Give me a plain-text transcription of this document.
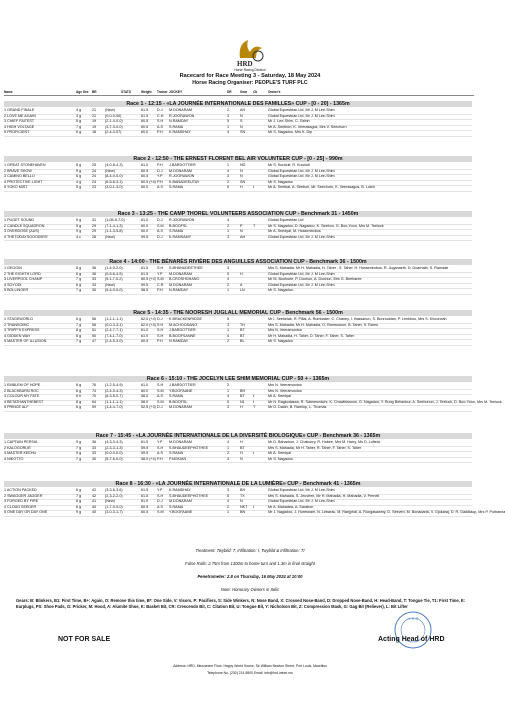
HRD
Horse Racing Division
Racecard for Race Meeting 3 - Saturday, 18 May 2024
Horse Racing Organiser: PEOPLE'S TURF PLC
Name	Age Sex BR	STATS	Weight Trainer JOCKEY	DR	Gear Cb	Owner's
Race 1 - 12:15 - «LA JOURNÉE INTERNATIONALE DES FAMILLES» CUP - [0 - 20] - 1365m
1 GRAND FINALE	4 g	21	(New)	61.5	D.J	M.DONARAM	2	AH	Global Equestrian Ltd, Mr J. M Lee-Shim
2 LOVE ME AGAIN	4 g	21	(0-0-0-00)	61.5	C.H	R.JOORAWON	3	N	Global Equestrian Ltd, Mr J. M Lee-Shim
3 CHIEF FAITEST	5 g	19	(2-1-4-0-0)	60.5	S.H	N.RAMDAY	5	S	Mr J. Lee-Shim, C. Gebin
4 HIGH VOLTAGE	7 g	19	(3-7-3-0-0)	60.5	A.S	S.RAMA	1	N	Mr A. Seetbon, K. Veerasagos, Mrs V. Seechurn
5 PROFICIENT	6 g	18	(2-4-0-07)	60.0	P.H	K.RAMDHAY	4	SN	Mr S. Nagadoo, Mrs K. Dip
Race 2 - 12:50 - THE ERNEST FLORENT BEL AIR VOLUNTEER CUP - [0 - 25] - 990m
1 GREAT STONEHAVEN	8 g	25	(4-0-8-4-3)	61.0	P.H	J.BARDOTTIER	1	NG	Mr S. Kunduit, R. Kunduit
2 BRAVE SHOW	5 g	24	(New)	60.5	D.J	M.DONARAM	4	N	Global Equestrian Ltd, Mr J. M Lee-Shim
3 CAMINO BELLO	6 g	24	(8-4-0-0-0)	60.5	Y.P	R.JOORAWON	3	N	Global Equestrian Ltd, Mr J. M Lee-Shim
4 PROTECTIVE LIGHT	4 g	24	(6-5-6-3-1)	60.5 (+4) P.H	K.BANADEEUTAY	2	SN	Mr S. Nagadoo
5 YOKO MIST	5 g	23	(3-0-1-3-0)	60.0	A.S	S.RAMA	5	H	t	Mr A. Seetbal, A. Seebon, Mr. Seechurn, K. Veerasagos, B. Lutch
Race 3 - 13:25 - THE CAMP THOREL VOLUNTEERS ASSOCIATION CUP - Benchmark 31 - 1450m
1 PUGET SOUND	9 g	31	(1-05-5-7-0)	61.0	D.J	R.JOORAWON	4	Global Equestrian Ltd
2 CANDLE SQUADRON	5 g	29	(7-1-4-1-3)	60.0	S.M	B.BOOFSL	2	P	T	Mr S. Nagadoo, D. Nagadoo, K. Seebon, G. Boo-Yoon, Mrs M. Teeluck
3 OVERDOSE (AUS)	9 g	29	(1-1-3-5-8)	60.0	A.S	S.RAMA	1	N	Mr A. Seedyal, M. Hossenbobus
4 THETODAYSGOODBYE	4 c	28	(New)	59.5	D.J	K.RAMSAMY	3	AH	Global Equestrian Ltd, Mr J. M Lee-Shim
Race 4 - 14:00 - THE BÉNARÈS RIVIÈRE DES ANGUILLES ASSOCIATION CUP - Benchmark 36 - 1500m
1 GEOGIN	8 g	36	(1-4-0-2-0)	61.5	S.H	S.BHANUDEETHEE	3	Mrs S. Mahadia, Mr H. Mahadia, H. Taher , S. Taher, H. Hossenbobus, R. Juganaeth, D. Duarnath, S. Ramdab
2 THE EIGHTH LORD	6 g	36	(0-5-6-4-5)	61.5	Y.P	M.DONARAM	5	H	Global Equestrian Ltd, Mr J. M Lee-Shim
3 LIVERPOOL CHAMP	7 g	33	(5-1-7-0-2)	60.5 (+4) S.M	B.CROSHGHANO	4	Mr M. Boohuee, P. Doohun, A. Doohun, Mrs G. Beeharee
4 SOYODI	6 g	33	(New)	59.5	C.R	M.DONARAM	2	A	Global Equestrian Ltd, Mr J. M Lee-Shim
5 BOLLINGER	7 g	30	(5-4-0-0-0)	58.5	P.H	N.RAMDAY	1	LN	Mr S. Nagadoo
Race 5 - 14:35 - THE NOORESH JUGLALL MEMORIAL CUP - Benchmark 56 - 1500m
1 STAGEWORLD	6 g	56	(1-1-1-1-1)	62.0 (+4) D.J	K.BRACKENRIDGE	5	Mr I. Seebelak, R. Pillai, A. Rumbaker, C. Chaney, I. Hassanun, S. Bunnoddan, P. Lenkboo, Mrs S. Khooneah
2 TRANSOMIC	7 g	56	(0-0-3-3-1)	62.0 (+4) S.H	M.ACHOOSANO	3	TH	Mrs S. Mahadia, Mr H. Mahadia, O. Ramroukun, B. Taher, S. Ramo
3 TRIPP'S EXPRESS	8 g	51	(2-4-7-7-1)	61.0	S.H	J.BARDOTTIER	1	BT	Mrs N. Veeramootoo
4 GIDDEN WAY	6 g	50	(7-4-1-7-0)	61.0	S.H	B.BOOFSANNE	4	BT	Mr H. Mahadia, H. Taher, D. Taher, F. Taher, S. Taher
5 MASTER OF ILLUSION	7 g	47	(2-4-5-3-0)	60.5	P.H	N.RAMDAY	2	BL	Mr S. Nagadoo
Race 6 - 15:10 - THE JOCELYN LEE SHIM MEMORIAL CUP - 50 + - 1365m
1 EMBLEM OF HOPE	8 g	76	(1-2-5-4-9)	61.0	S.H	J.BARDOTTIER	2	Mrs N. Veeramootoo
2 BLACKBURN ROC	6 g	74	(2-4-0-4-3)	60.0	S.M	Y.BOOFAANE	1	BH	Mrs N. Veeramootoo
3 COLOUR MY FATE	6 h	70	(6-3-5-0-7)	58.0	A.S	S.RAMA	4	BT	t	Mr A. Seedyal
4 BETATHANTHEBEST	8 g	64	(1-1-1-1-1)	58.0	S.M	B.BOOFSL	5	N1	t	Mr N. Ragkodasan, R. Sammunduhr, K. Chowtkissoon, G. Nagadoo, Y. Rung Behadour, A. Seebunun, J. Teeluck, D. Boo-Yoon, Mrs M. Teeluck
5 PRINCE ALF	6 g	59	(1-4-4-7-0)	52.5 (+3) D.J	M.DONARAM	3	H	T	Mr D. Dadin, B. Ramlup, L. Thomas
Race 7 - 15:45 - «LA JOURNÉE INTERNATIONALE DE LA DIVERSITÉ BIOLOGIQUE» CUP - Benchmark 36 - 1365m
1 CAPTAIN PERSIA	9 g	36	(4-3-0-4-3)	61.5	Y.P	M.DONARAM	4	H	Mr D. Bahadoor, J. Chakoory, R. Hobee, Mrs M. Harry, Ms D. Loftela
2 KALOGORLIE	7 g	33	(2-3-3-1-3)	59.5	S.H	S.BHAUDEEPHOTHEE	1	BT	Mrs S. Mahadia, Mr H. Taher, R. Taher, F. Taher, S. Taher
3 MASTER KEEHU	9 g	33	(0-0-0-0-0)	59.5	A.S	S.RAMA	2	H	t	Mr A. Seedyal
4 NIKOTTO	7 g	30	(5-7-6-0-0)	58.0 (+4) P.H	P.NOKIAN	3	N	Mr S. Nagadoo
Race 8 - 16:30 - «LA JOURNÉE INTERNATIONALE DE LA LUMIÈRE» CUP - Benchmark 41 - 1365m
1 ACTION PACKED	6 g	42	(3-3-6-3-6)	61.5	Y.P	K.RAMDHAY	3	BH	Global Equestrian Ltd, Mr J. M Lee-Shim
2 SWAGGER JAGGER	7 g	42	(2-3-2-2-0)	61.5	S.H	S.BHAUDEEPHOTHEE	5	TX	Mrs S. Mahadia, S. Jeuveen, Mr H. Mahadia, H. Mahadia, V. Pernell
3 FORGED BY FIRE	6 g	41	(New)	61.0	D.J	M.DONARAM	4	N	Global Equestrian Ltd, Mr J. M Lee-Shim
4 CLOUD SEEDER	6 g	40	(1-7-0-0-0)	60.5	A.S	S.RAMA	2	NKT	t	Mr A. Mahadea, A. Sarabon
5 ONE DAY OR DAY ONE	9 g	40	(3-0-3-1-7)	60.5	S.M	Y.BOOFAANE	1	BN	Mr J. Nagadoo, J. Huresnam, N. Lebarac, M. Ranjphal, A. Rungasawmy, D. Seeven, M. Bonadarta, V. Gjokaraj, D. R. Gaddiaup, Mrs P. Puthanna
Treatment: Twybild: T, Infiltration: I, Twybild & Infiltration: TI
False Rails: 2.75m from 1300m to home turn and 1.3m in final straight
Penetrometer: 2.8 on Thursday, 16 May 2024 at 10:00
Note: Honorary Owners in Italic
Gears: B: Blinkers, B1: First Time, B+: Again, O: Remove this time, B*: One Side, V: Visors, P: Pacifiers, S: Side Winkers, N: Nose Band, X: Crossed Nose-Band, D: Dropped Nose-Band, H: Head-Band, T: Tongue Tie, T1: First Time, E: Earplugs, PS: Shoe Pads, G: Pricker, M: Hood, A: Alumite Shoe, K: Basket Bit, CR: Crescendo Bit, C: Citation Bit, U: Tongue Bit, Y: Nicholson Bit, Z: Compression Mask, G: Gag Bit (Reliever), L: Bit Lifter
NOT FOR SALE
H R D
Acting Head of HRD
Address: HRD, Mezzanine Floor, Happy World House, Sir William Newton Street, Port Louis, Mauritius
Telephone No. (230) 214 8800 Email: info@hrd.intnet.mu
